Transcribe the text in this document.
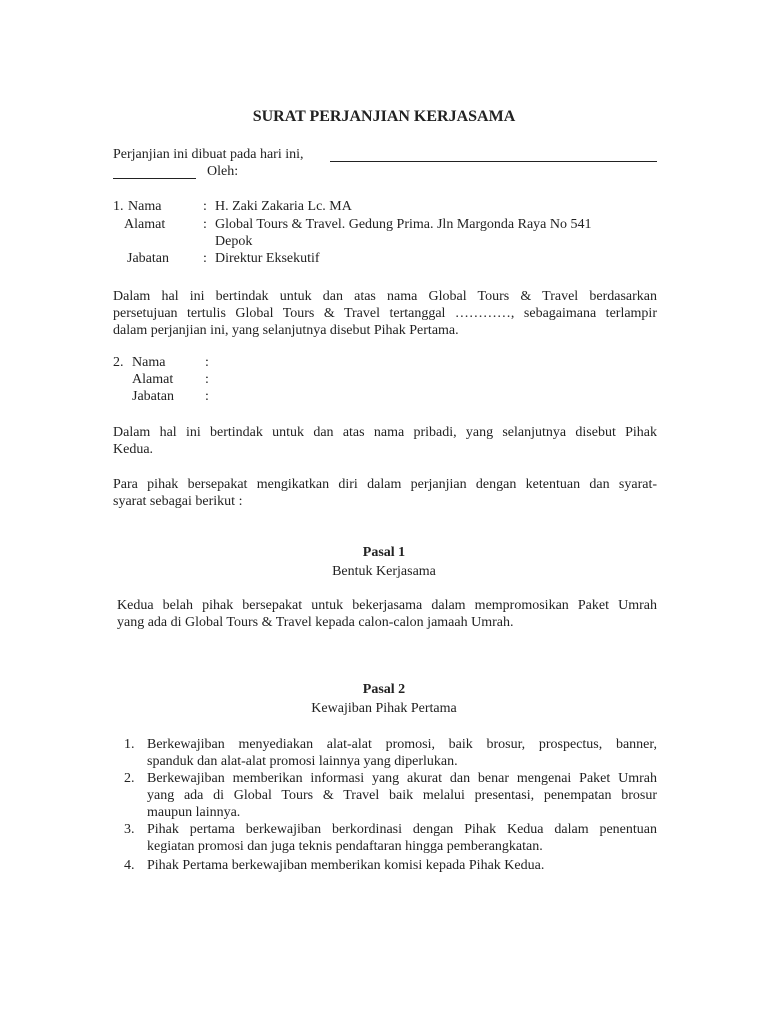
SURAT PERJANJIAN KERJASAMA
Perjanjian ini dibuat pada hari ini,
Oleh:
1. Nama
Alamat
Jabatan
:
:
:
H. Zaki Zakaria Lc. MA
Global Tours & Travel. Gedung Prima. Jln Margonda Raya No 541
Depok
Direktur Eksekutif
Dalam hal ini bertindak untuk dan atas nama Global Tours & Travel berdasarkan
persetujuan tertulis Global Tours & Travel tertanggal …………, sebagaimana terlampir
dalam perjanjian ini, yang selanjutnya disebut Pihak Pertama.
2. Nama
Alamat
Jabatan
:
:
:
Dalam hal ini bertindak untuk dan atas nama pribadi, yang selanjutnya disebut Pihak
Kedua.
Para pihak bersepakat mengikatkan diri dalam perjanjian dengan ketentuan dan syarat-
syarat sebagai berikut :
Pasal 1
Bentuk Kerjasama
Kedua belah pihak bersepakat untuk bekerjasama dalam mempromosikan Paket Umrah
yang ada di Global Tours & Travel kepada calon-calon jamaah Umrah.
Pasal 2
Kewajiban Pihak Pertama
1. Berkewajiban menyediakan alat-alat promosi, baik brosur, prospectus, banner,
spanduk dan alat-alat promosi lainnya yang diperlukan.
2. Berkewajiban memberikan informasi yang akurat dan benar mengenai Paket Umrah
yang ada di Global Tours & Travel baik melalui presentasi, penempatan brosur
maupun lainnya.
3. Pihak pertama berkewajiban berkordinasi dengan Pihak Kedua dalam penentuan
kegiatan promosi dan juga teknis pendaftaran hingga pemberangkatan.
4. Pihak Pertama berkewajiban memberikan komisi kepada Pihak Kedua.
